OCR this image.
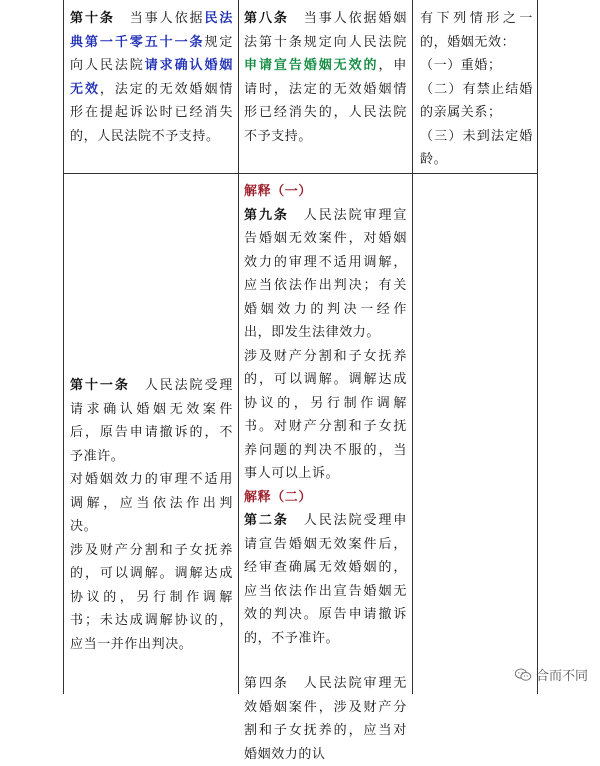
第十条　当事人依据民法典第一千零五十一条规定向人民法院请求确认婚姻无效，法定的无效婚姻情形在提起诉讼时已经消失的，人民法院不予支持。

第八条　当事人依据婚姻法第十条规定向人民法院申请宣告婚姻无效的，申请时，法定的无效婚姻情形已经消失的，人民法院不予支持。

有下列情形之一的，婚姻无效：

（一）重婚；

（二）有禁止结婚的亲属关系；

（三）未到法定婚龄。

第十一条　人民法院受理请求确认婚姻无效案件后，原告申请撤诉的，不予准许。

对婚姻效力的审理不适用调解，应当依法作出判决。

涉及财产分割和子女抚养的，可以调解。调解达成协议的，另行制作调解书；未达成调解协议的，应当一并作出判决。

解释（一）

第九条　人民法院审理宣告婚姻无效案件，对婚姻效力的审理不适用调解，应当依法作出判决；有关婚姻效力的判决一经作出，即发生法律效力。

涉及财产分割和子女抚养的，可以调解。调解达成协议的，另行制作调解书。对财产分割和子女抚养问题的判决不服的，当事人可以上诉。

解释（二）

第二条　人民法院受理申请宣告婚姻无效案件后，经审查确属无效婚姻的，应当依法作出宣告婚姻无效的判决。原告申请撤诉的，不予准许。

第四条　人民法院审理无效婚姻案件，涉及财产分割和子女抚养的，应当对婚姻效力的认

合而不同
